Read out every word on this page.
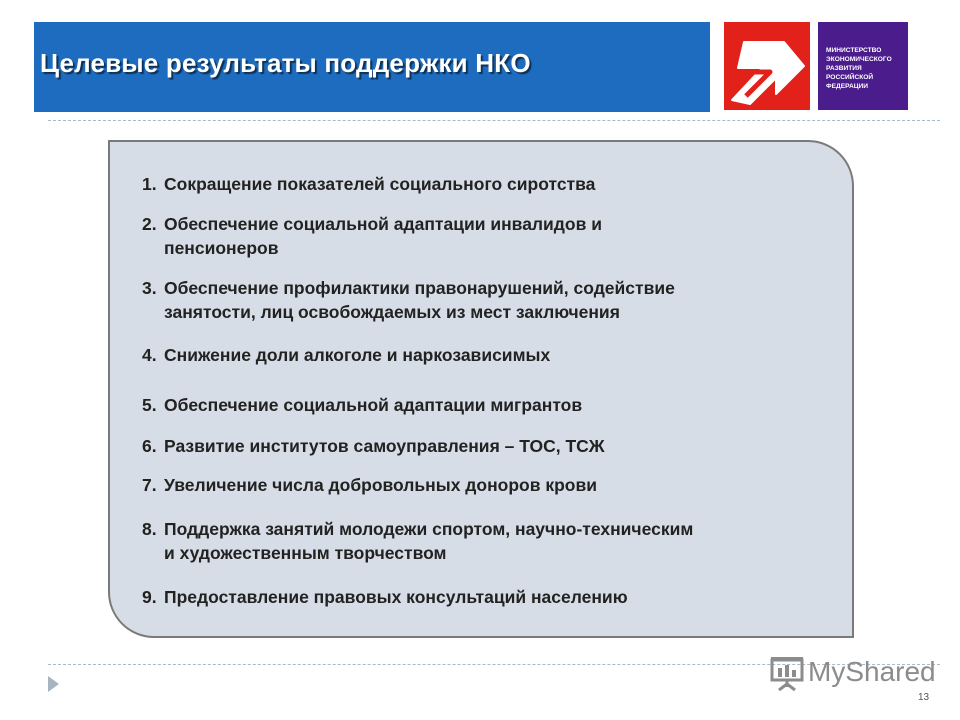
Целевые результаты поддержки НКО	МИНИСТЕРСТВО
ЭКОНОМИЧЕСКОГО
РАЗВИТИЯ
РОССИЙСКОЙ
ФЕДЕРАЦИИ
1. Сокращение показателей социального сиротства
2. Обеспечение социальной адаптации инвалидов и
пенсионеров
3. Обеспечение профилактики правонарушений, содействие
занятости, лиц освобождаемых из мест заключения
4. Снижение доли алкоголе и наркозависимых
5. Обеспечение социальной адаптации мигрантов
6. Развитие институтов самоуправления – ТОС, ТСЖ
7. Увеличение числа добровольных доноров крови
8. Поддержка занятий молодежи спортом, научно-техническим
и художественным творчеством
9. Предоставление правовых консультаций населению
MyShared
13
